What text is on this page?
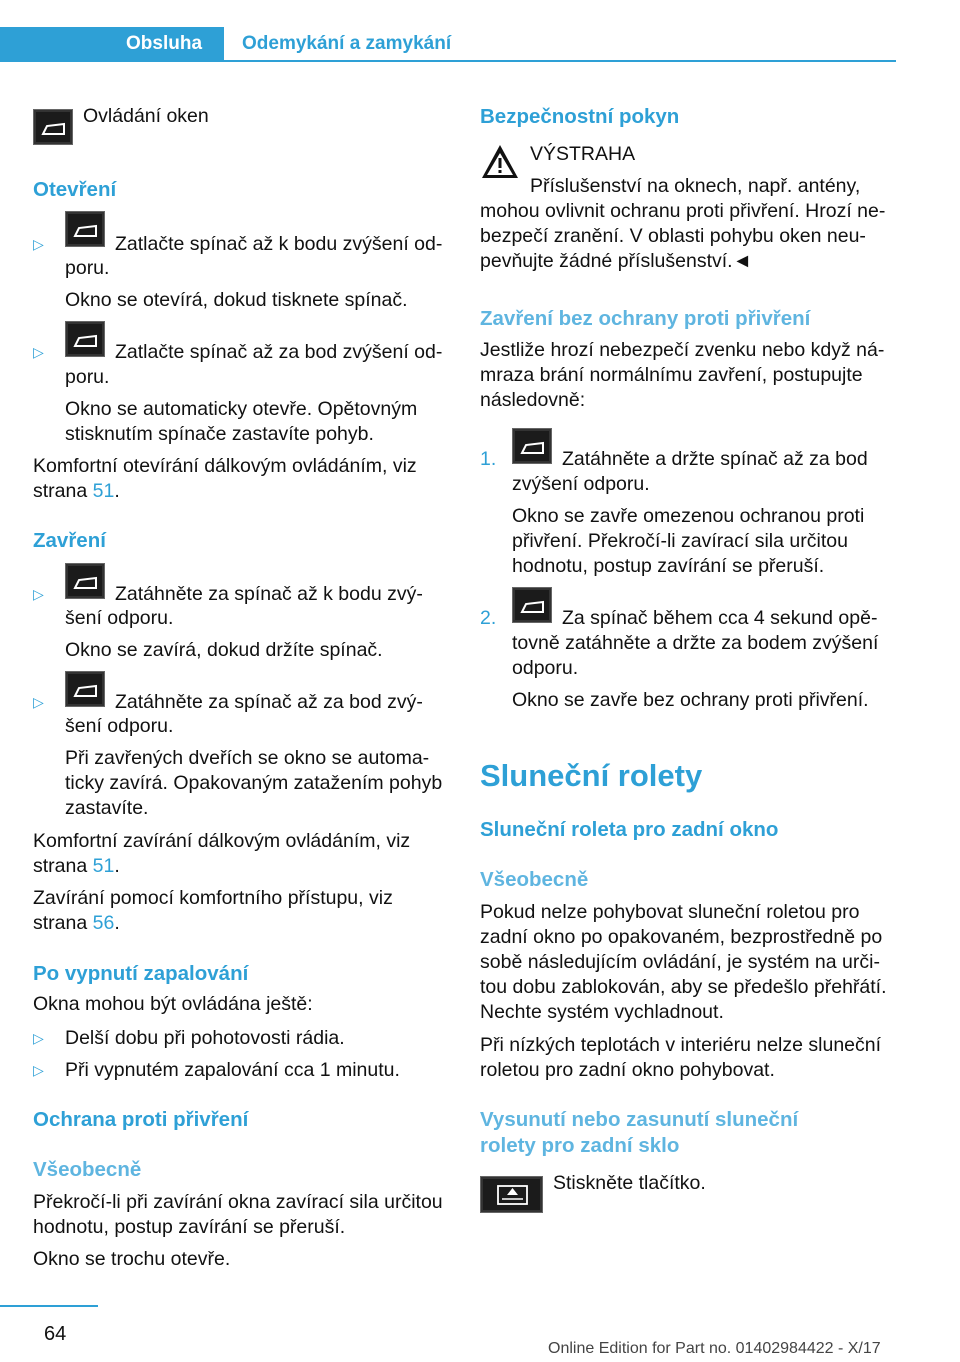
Obsluha	Odemykání a zamykání
Ovládání oken
Otevření
▷	Zatlačte spínač až k bodu zvýšení od-
poru.
Okno se otevírá, dokud tisknete spínač.
▷	Zatlačte spínač až za bod zvýšení od-
poru.
Okno se automaticky otevře. Opětovným
stisknutím spínače zastavíte pohyb.
Komfortní otevírání dálkovým ovládáním, viz
strana 51.
Zavření
▷	Zatáhněte za spínač až k bodu zvý-
šení odporu.
Okno se zavírá, dokud držíte spínač.
▷	Zatáhněte za spínač až za bod zvý-
šení odporu.
Při zavřených dveřích se okno se automa-
ticky zavírá. Opakovaným zatažením pohyb
zastavíte.
Komfortní zavírání dálkovým ovládáním, viz
strana 51.
Zavírání pomocí komfortního přístupu, viz
strana 56.
Po vypnutí zapalování
Okna mohou být ovládána ještě:
▷ Delší dobu při pohotovosti rádia.
▷ Při vypnutém zapalování cca 1 minutu.
Ochrana proti přivření
Všeobecně
Překročí-li při zavírání okna zavírací sila určitou
hodnotu, postup zavírání se přeruší.
Okno se trochu otevře.
Bezpečnostní pokyn
VÝSTRAHA
Příslušenství na oknech, např. antény,
mohou ovlivnit ochranu proti přivření. Hrozí ne-
bezpečí zranění. V oblasti pohybu oken neu-
pevňujte žádné příslušenství.◄
Zavření bez ochrany proti přivření
Jestliže hrozí nebezpečí zvenku nebo když ná-
mraza brání normálnímu zavření, postupujte
následovně:
1.	Zatáhněte a držte spínač až za bod
zvýšení odporu.
Okno se zavře omezenou ochranou proti
přivření. Překročí-li zavírací sila určitou
hodnotu, postup zavírání se přeruší.
2.	Za spínač během cca 4 sekund opě-
tovně zatáhněte a držte za bodem zvýšení
odporu.
Okno se zavře bez ochrany proti přivření.
Sluneční rolety
Sluneční roleta pro zadní okno
Všeobecně
Pokud nelze pohybovat sluneční roletou pro
zadní okno po opakovaném, bezprostředně po
sobě následujícím ovládání, je systém na urči-
tou dobu zablokován, aby se předešlo přehřátí.
Nechte systém vychladnout.
Při nízkých teplotách v interiéru nelze sluneční
roletou pro zadní okno pohybovat.
Vysunutí nebo zasunutí sluneční
rolety pro zadní sklo
Stiskněte tlačítko.
64
Online Edition for Part no. 01402984422 - X/17
